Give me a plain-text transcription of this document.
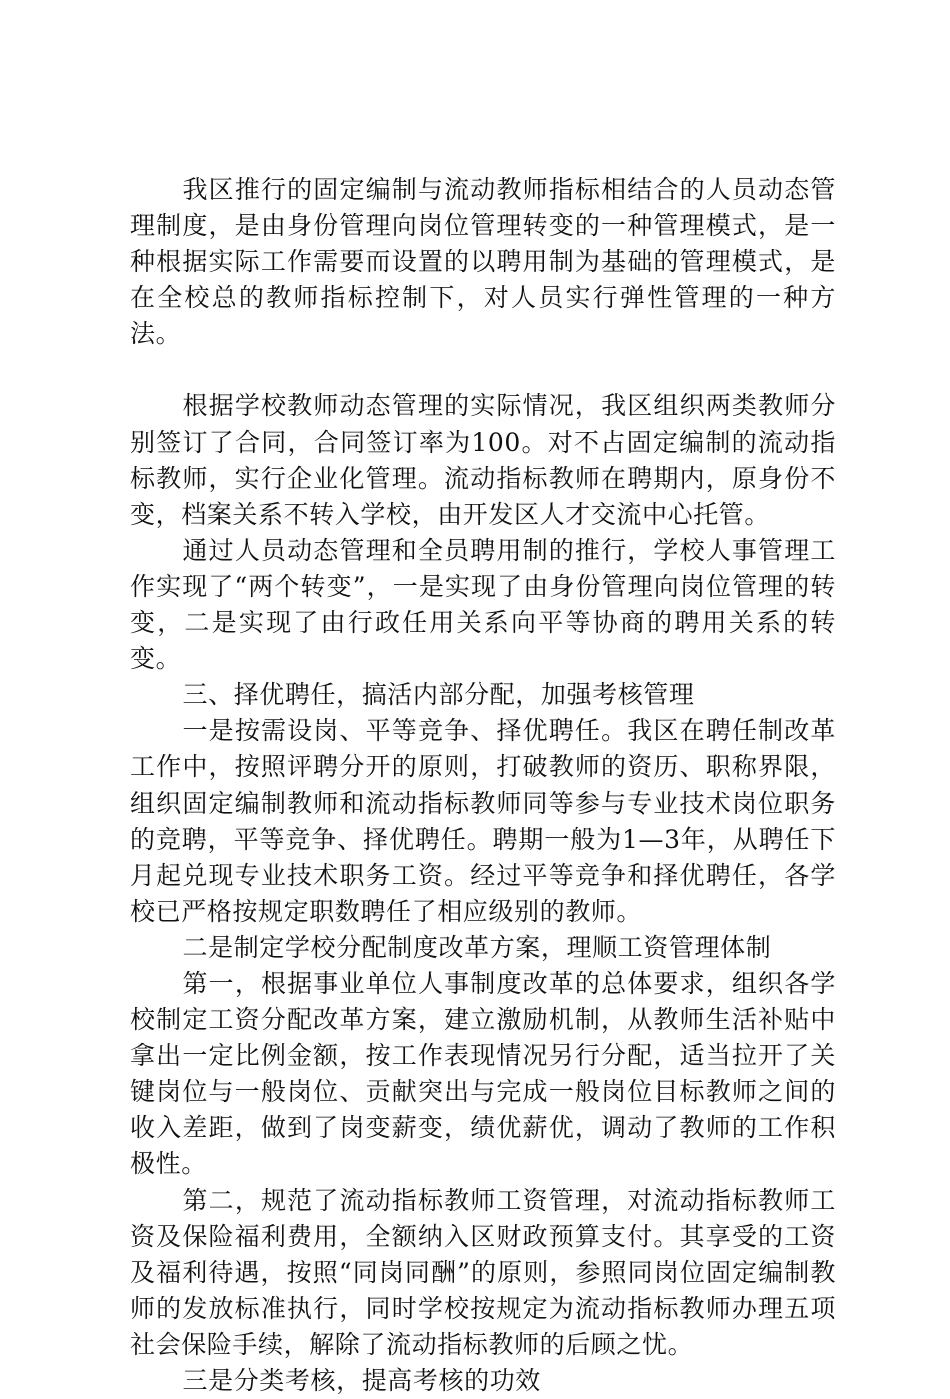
我区推行的固定编制与流动教师指标相结合的人员动态管理制度，是由身份管理向岗位管理转变的一种管理模式，是一种根据实际工作需要而设置的以聘用制为基础的管理模式，是在全校总的教师指标控制下，对人员实行弹性管理的一种方法。

根据学校教师动态管理的实际情况，我区组织两类教师分别签订了合同，合同签订率为100。对不占固定编制的流动指标教师，实行企业化管理。流动指标教师在聘期内，原身份不变，档案关系不转入学校，由开发区人才交流中心托管。

通过人员动态管理和全员聘用制的推行，学校人事管理工作实现了“两个转变”，一是实现了由身份管理向岗位管理的转变，二是实现了由行政任用关系向平等协商的聘用关系的转变。

三、择优聘任，搞活内部分配，加强考核管理

一是按需设岗、平等竞争、择优聘任。我区在聘任制改革工作中，按照评聘分开的原则，打破教师的资历、职称界限，组织固定编制教师和流动指标教师同等参与专业技术岗位职务的竞聘，平等竞争、择优聘任。聘期一般为1—3年，从聘任下月起兑现专业技术职务工资。经过平等竞争和择优聘任，各学校已严格按规定职数聘任了相应级别的教师。

二是制定学校分配制度改革方案，理顺工资管理体制

第一，根据事业单位人事制度改革的总体要求，组织各学校制定工资分配改革方案，建立激励机制，从教师生活补贴中拿出一定比例金额，按工作表现情况另行分配，适当拉开了关键岗位与一般岗位、贡献突出与完成一般岗位目标教师之间的收入差距，做到了岗变薪变，绩优薪优，调动了教师的工作积极性。

第二，规范了流动指标教师工资管理，对流动指标教师工资及保险福利费用，全额纳入区财政预算支付。其享受的工资及福利待遇，按照“同岗同酬”的原则，参照同岗位固定编制教师的发放标准执行，同时学校按规定为流动指标教师办理五项社会保险手续，解除了流动指标教师的后顾之忧。

三是分类考核，提高考核的功效
